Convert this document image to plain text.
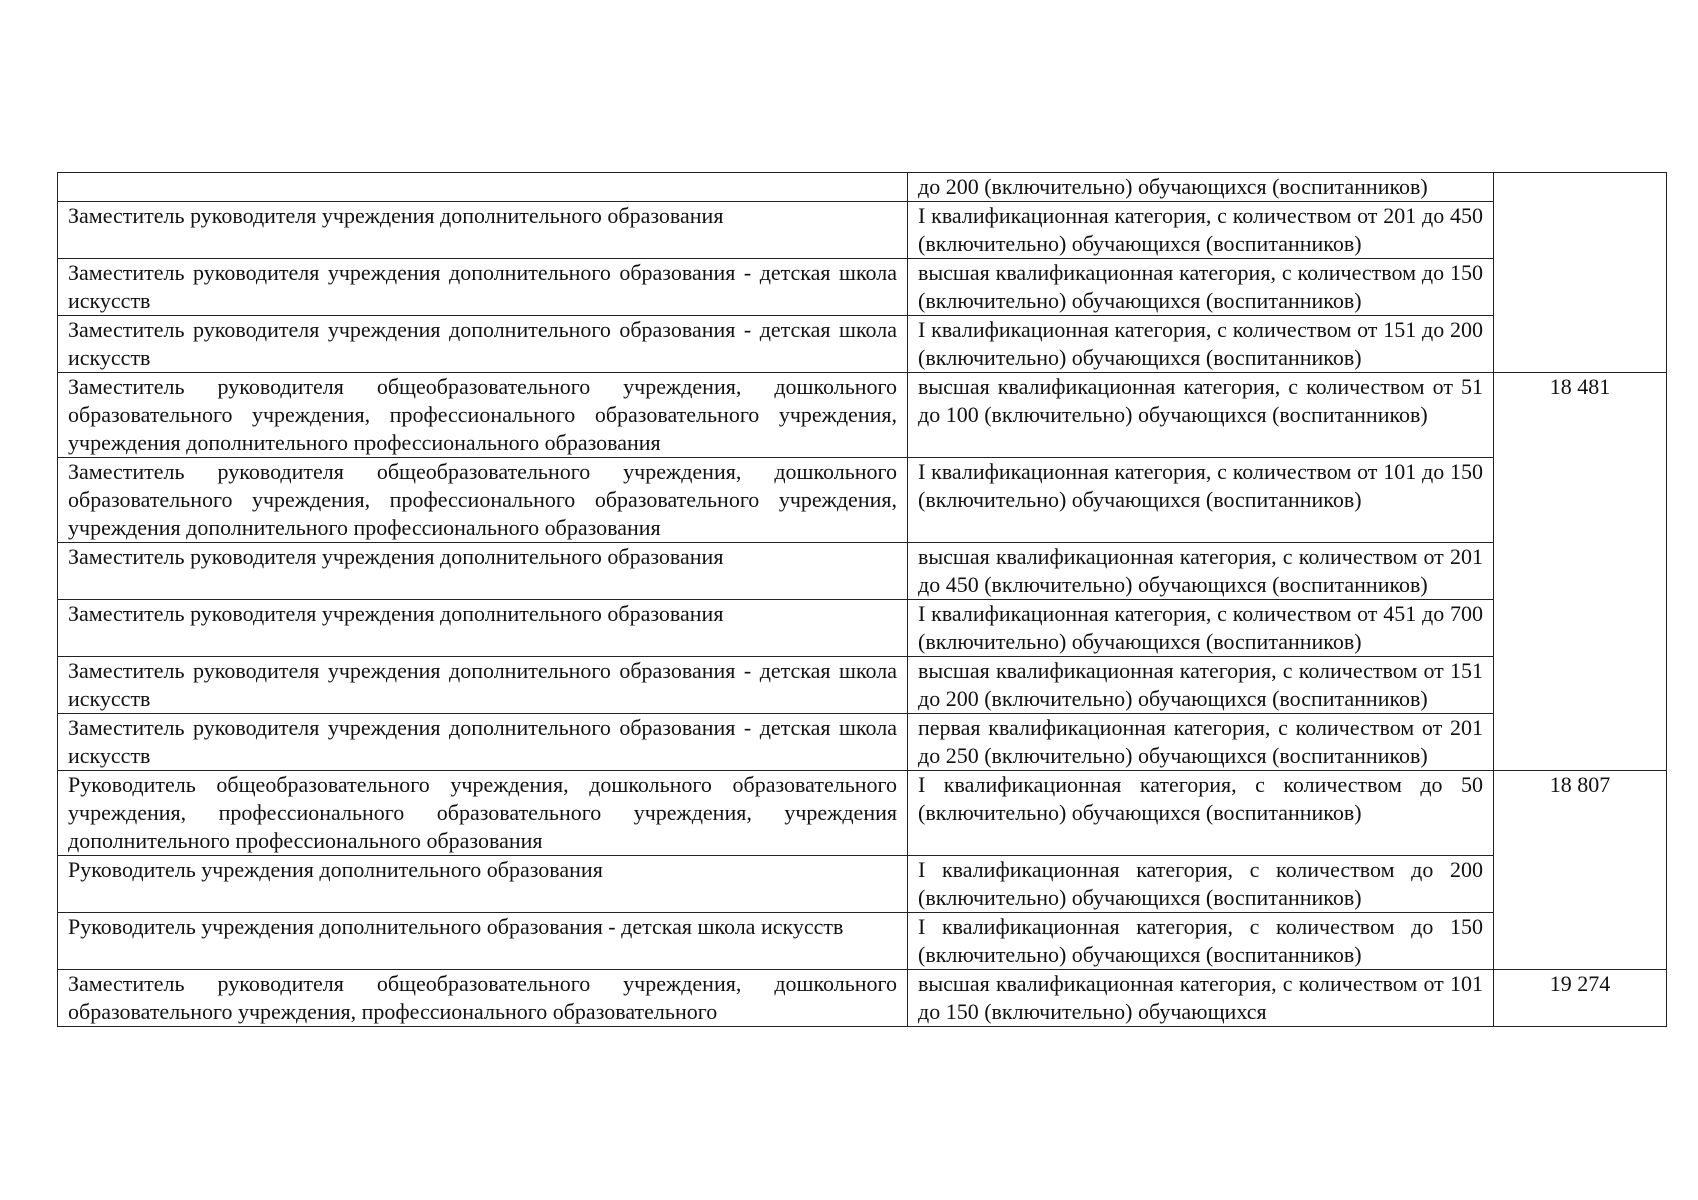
	до 200 (включительно) обучающихся (воспитанников)	

Заместитель руководителя учреждения дополнительного образования	I квалификационная категория, с количеством от 201 до 450 (включительно) обучающихся (воспитанников)	

Заместитель руководителя учреждения дополнительного образования - детская школа искусств	высшая квалификационная категория, с количеством до 150 (включительно) обучающихся (воспитанников)	

Заместитель руководителя учреждения дополнительного образования - детская школа искусств	I квалификационная категория, с количеством от 151 до 200 (включительно) обучающихся (воспитанников)	

Заместитель руководителя общеобразовательного учреждения, дошкольного образовательного учреждения, профессионального образовательного учреждения, учреждения дополнительного профессионального образования	высшая квалификационная категория, с количеством от 51 до 100 (включительно) обучающихся (воспитанников)	18 481

Заместитель руководителя общеобразовательного учреждения, дошкольного образовательного учреждения, профессионального образовательного учреждения, учреждения дополнительного профессионального образования	I квалификационная категория, с количеством от 101 до 150 (включительно) обучающихся (воспитанников)	

Заместитель руководителя учреждения дополнительного образования	высшая квалификационная категория, с количеством от 201 до 450 (включительно) обучающихся (воспитанников)	

Заместитель руководителя учреждения дополнительного образования	I квалификационная категория, с количеством от 451 до 700 (включительно) обучающихся (воспитанников)	

Заместитель руководителя учреждения дополнительного образования - детская школа искусств	высшая квалификационная категория, с количеством от 151 до 200 (включительно) обучающихся (воспитанников)	

Заместитель руководителя учреждения дополнительного образования - детская школа искусств	первая квалификационная категория, с количеством от 201 до 250 (включительно) обучающихся (воспитанников)	

Руководитель общеобразовательного учреждения, дошкольного образовательного учреждения, профессионального образовательного учреждения, учреждения дополнительного профессионального образования	I квалификационная категория, с количеством до 50 (включительно) обучающихся (воспитанников)	18 807

Руководитель учреждения дополнительного образования	I квалификационная категория, с количеством до 200 (включительно) обучающихся (воспитанников)	

Руководитель учреждения дополнительного образования - детская школа искусств	I квалификационная категория, с количеством до 150 (включительно) обучающихся (воспитанников)	

Заместитель руководителя общеобразовательного учреждения, дошкольного образовательного учреждения, профессионального образовательного	высшая квалификационная категория, с количеством от 101 до 150 (включительно) обучающихся	19 274
